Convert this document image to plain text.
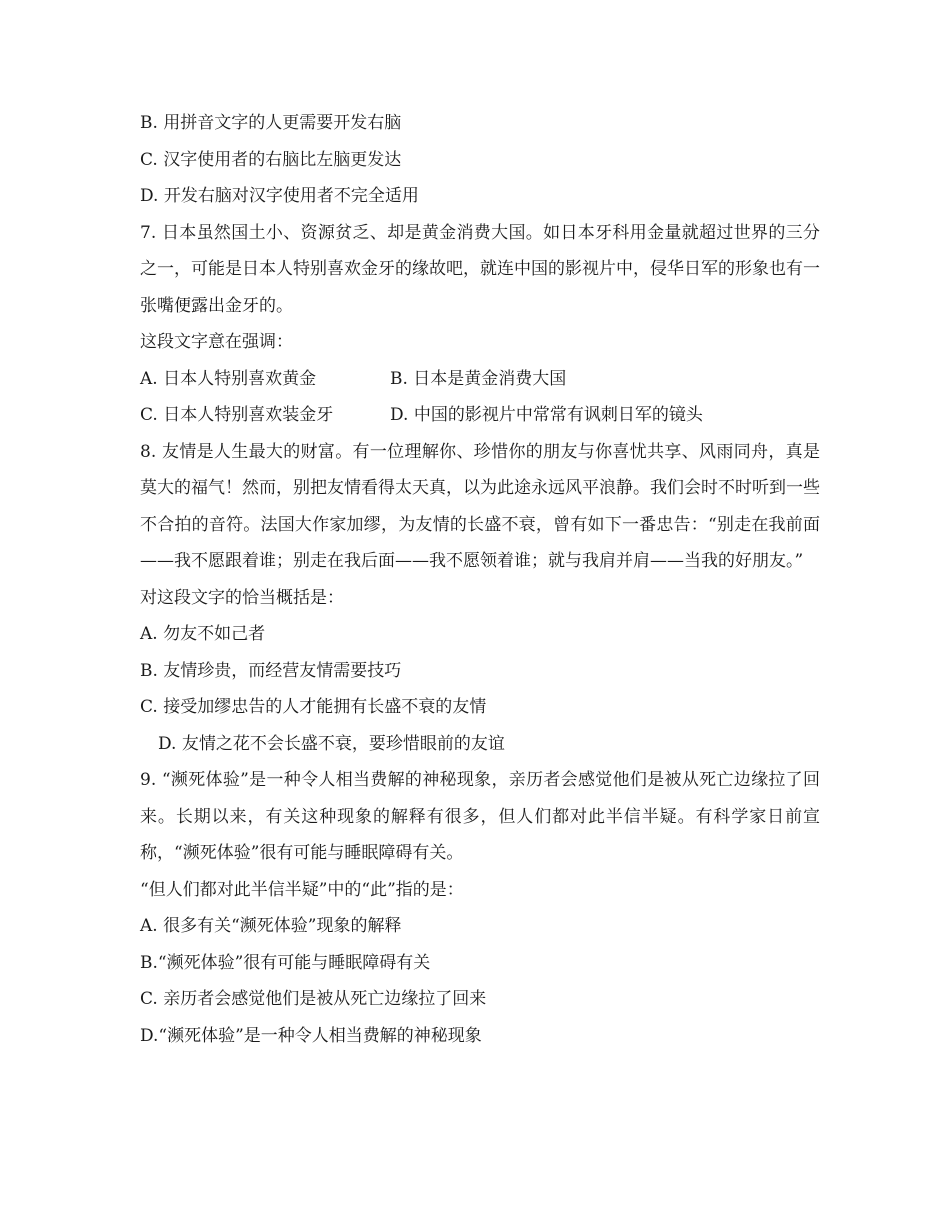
B. 用拼音文字的人更需要开发右脑
C. 汉字使用者的右脑比左脑更发达
D. 开发右脑对汉字使用者不完全适用
7. 日本虽然国土小、资源贫乏、却是黄金消费大国。如日本牙科用金量就超过世界的三分之一，可能是日本人特别喜欢金牙的缘故吧，就连中国的影视片中，侵华日军的形象也有一张嘴便露出金牙的。
这段文字意在强调：
A. 日本人特别喜欢黄金	B. 日本是黄金消费大国
C. 日本人特别喜欢装金牙	D. 中国的影视片中常常有讽刺日军的镜头
8. 友情是人生最大的财富。有一位理解你、珍惜你的朋友与你喜忧共享、风雨同舟，真是莫大的福气！然而，别把友情看得太天真，以为此途永远风平浪静。我们会时不时听到一些不合拍的音符。法国大作家加缪，为友情的长盛不衰，曾有如下一番忠告：“别走在我前面——我不愿跟着谁；别走在我后面——我不愿领着谁；就与我肩并肩——当我的好朋友。”
对这段文字的恰当概括是：
A. 勿友不如己者
B. 友情珍贵，而经营友情需要技巧
C. 接受加缪忠告的人才能拥有长盛不衰的友情
D. 友情之花不会长盛不衰，要珍惜眼前的友谊
9. “濒死体验”是一种令人相当费解的神秘现象，亲历者会感觉他们是被从死亡边缘拉了回来。长期以来，有关这种现象的解释有很多，但人们都对此半信半疑。有科学家日前宣称，“濒死体验”很有可能与睡眠障碍有关。
“但人们都对此半信半疑”中的“此”指的是：
A. 很多有关“濒死体验”现象的解释
B.“濒死体验”很有可能与睡眠障碍有关
C. 亲历者会感觉他们是被从死亡边缘拉了回来
D.“濒死体验”是一种令人相当费解的神秘现象
